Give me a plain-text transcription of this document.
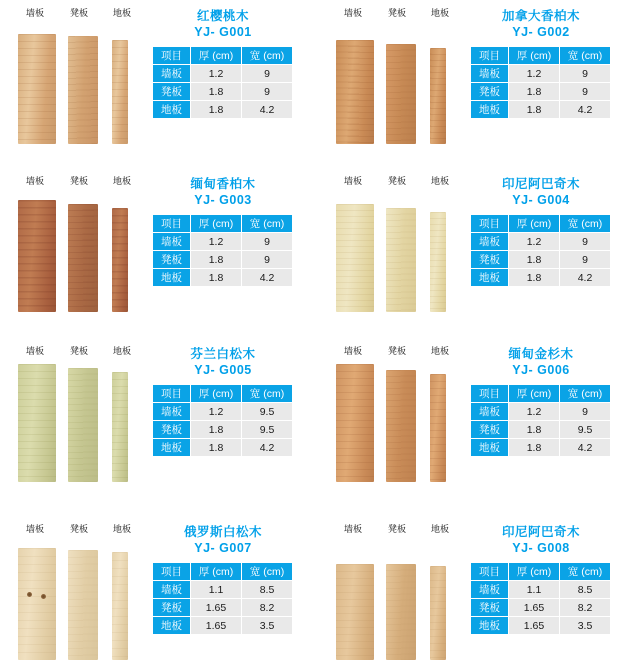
墙板	凳板	地板	红樱桃木
YJ- G001
项目	厚 (cm)	宽 (cm)
墙板	1.2	9
凳板	1.8	9
地板	1.8	4.2
墙板	凳板	地板	加拿大香柏木
YJ- G002
项目	厚 (cm)	宽 (cm)
墙板	1.2	9
凳板	1.8	9
地板	1.8	4.2
墙板	凳板	地板	缅甸香柏木
YJ- G003
项目	厚 (cm)	宽 (cm)
墙板	1.2	9
凳板	1.8	9
地板	1.8	4.2
墙板	凳板	地板	印尼阿巴奇木
YJ- G004
项目	厚 (cm)	宽 (cm)
墙板	1.2	9
凳板	1.8	9
地板	1.8	4.2
墙板	凳板	地板	芬兰白松木
YJ- G005
项目	厚 (cm)	宽 (cm)
墙板	1.2	9.5
凳板	1.8	9.5
地板	1.8	4.2
墙板	凳板	地板	缅甸金杉木
YJ- G006
项目	厚 (cm)	宽 (cm)
墙板	1.2	9
凳板	1.8	9.5
地板	1.8	4.2
墙板	凳板	地板	俄罗斯白松木
YJ- G007
项目	厚 (cm)	宽 (cm)
墙板	1.1	8.5
凳板	1.65	8.2
地板	1.65	3.5
墙板	凳板	地板	印尼阿巴奇木
YJ- G008
项目	厚 (cm)	宽 (cm)
墙板	1.1	8.5
凳板	1.65	8.2
地板	1.65	3.5
